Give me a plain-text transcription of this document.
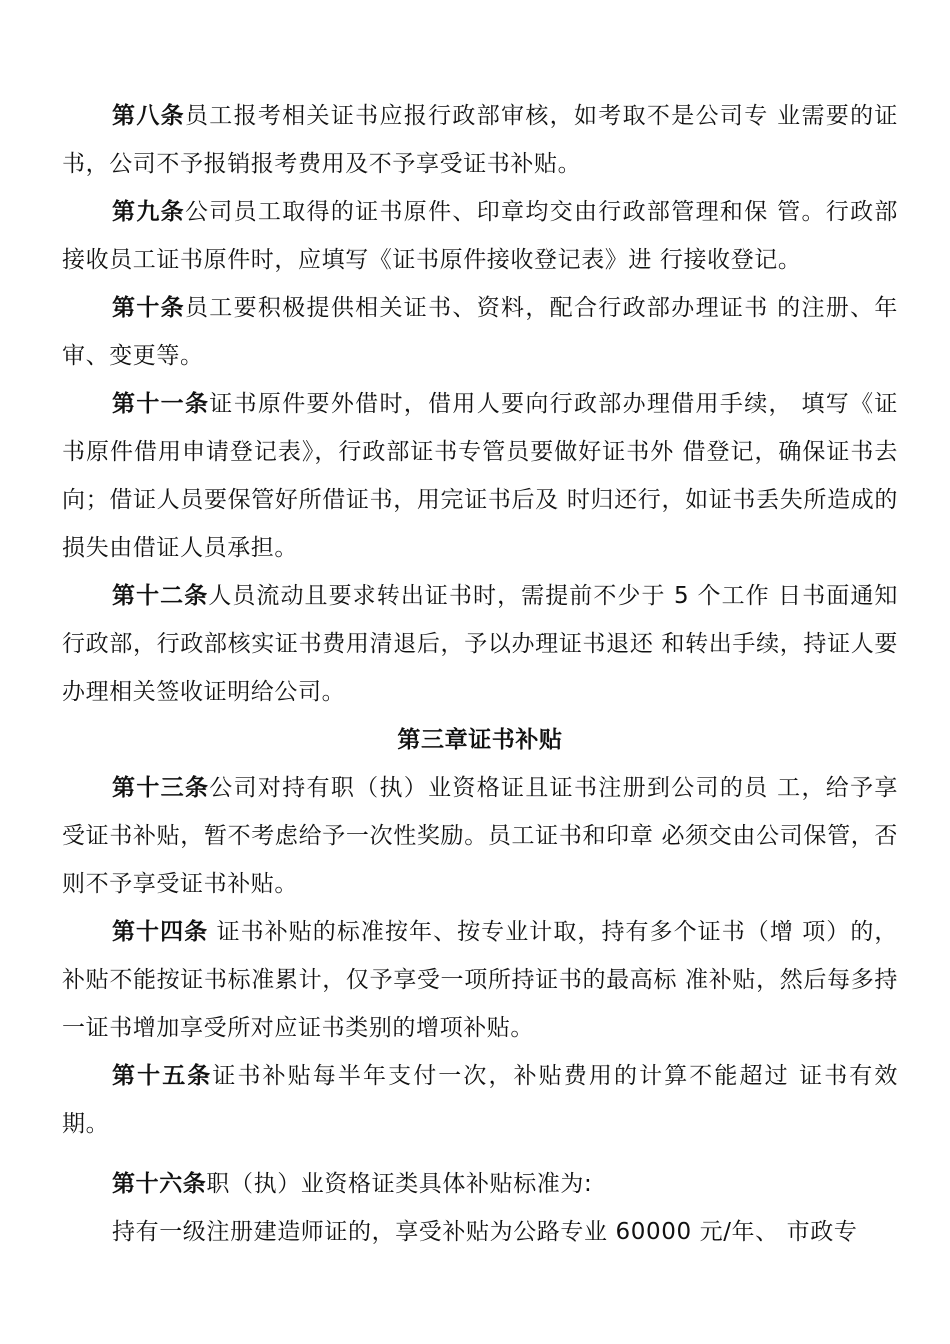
第八条员工报考相关证书应报行政部审核，如考取不是公司专 业需要的证书，公司不予报销报考费用及不予享受证书补贴。

第九条公司员工取得的证书原件、印章均交由行政部管理和保 管。行政部接收员工证书原件时，应填写《证书原件接收登记表》进 行接收登记。

第十条员工要积极提供相关证书、资料，配合行政部办理证书 的注册、年审、变更等。

第十一条证书原件要外借时，借用人要向行政部办理借用手续， 填写《证书原件借用申请登记表》，行政部证书专管员要做好证书外 借登记，确保证书去向；借证人员要保管好所借证书，用完证书后及 时归还行，如证书丢失所造成的损失由借证人员承担。

第十二条人员流动且要求转出证书时，需提前不少于 5 个工作 日书面通知行政部，行政部核实证书费用清退后，予以办理证书退还 和转出手续，持证人要办理相关签收证明给公司。

第三章证书补贴

第十三条公司对持有职（执）业资格证且证书注册到公司的员 工，给予享受证书补贴，暂不考虑给予一次性奖励。员工证书和印章 必须交由公司保管，否则不予享受证书补贴。

第十四条 证书补贴的标准按年、按专业计取，持有多个证书（增 项）的，补贴不能按证书标准累计，仅予享受一项所持证书的最高标 准补贴，然后每多持一证书增加享受所对应证书类别的增项补贴。

第十五条证书补贴每半年支付一次，补贴费用的计算不能超过 证书有效期。

第十六条职（执）业资格证类具体补贴标准为:

持有一级注册建造师证的，享受补贴为公路专业 60000 元/年、 市政专
